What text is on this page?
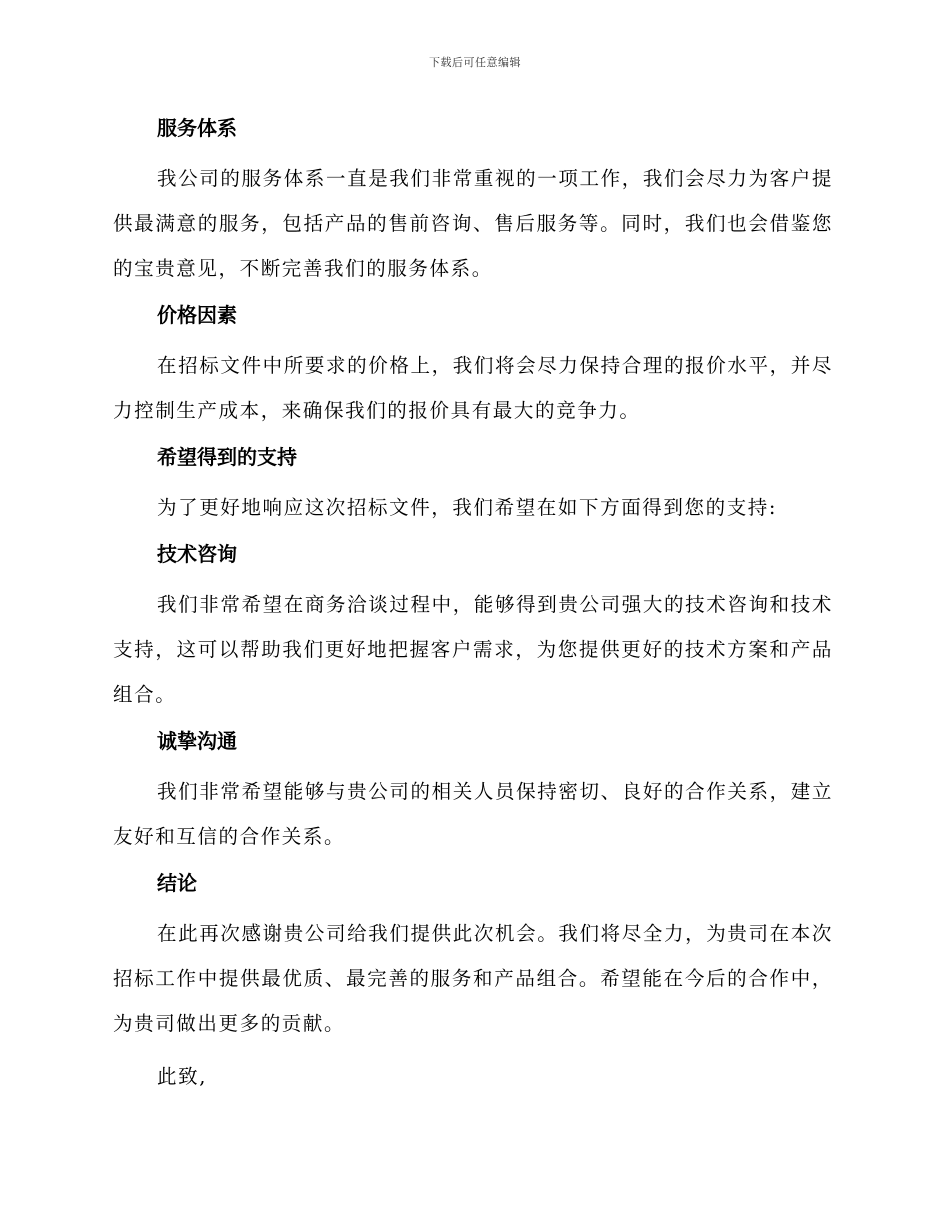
下载后可任意编辑
服务体系

我公司的服务体系一直是我们非常重视的一项工作，我们会尽力为客户提供最满意的服务，包括产品的售前咨询、售后服务等。同时，我们也会借鉴您的宝贵意见，不断完善我们的服务体系。

价格因素

在招标文件中所要求的价格上，我们将会尽力保持合理的报价水平，并尽力控制生产成本，来确保我们的报价具有最大的竞争力。

希望得到的支持

为了更好地响应这次招标文件，我们希望在如下方面得到您的支持:

技术咨询

我们非常希望在商务洽谈过程中，能够得到贵公司强大的技术咨询和技术支持，这可以帮助我们更好地把握客户需求，为您提供更好的技术方案和产品组合。

诚挚沟通

我们非常希望能够与贵公司的相关人员保持密切、良好的合作关系，建立友好和互信的合作关系。

结论

在此再次感谢贵公司给我们提供此次机会。我们将尽全力，为贵司在本次招标工作中提供最优质、最完善的服务和产品组合。希望能在今后的合作中，为贵司做出更多的贡献。

此致,
